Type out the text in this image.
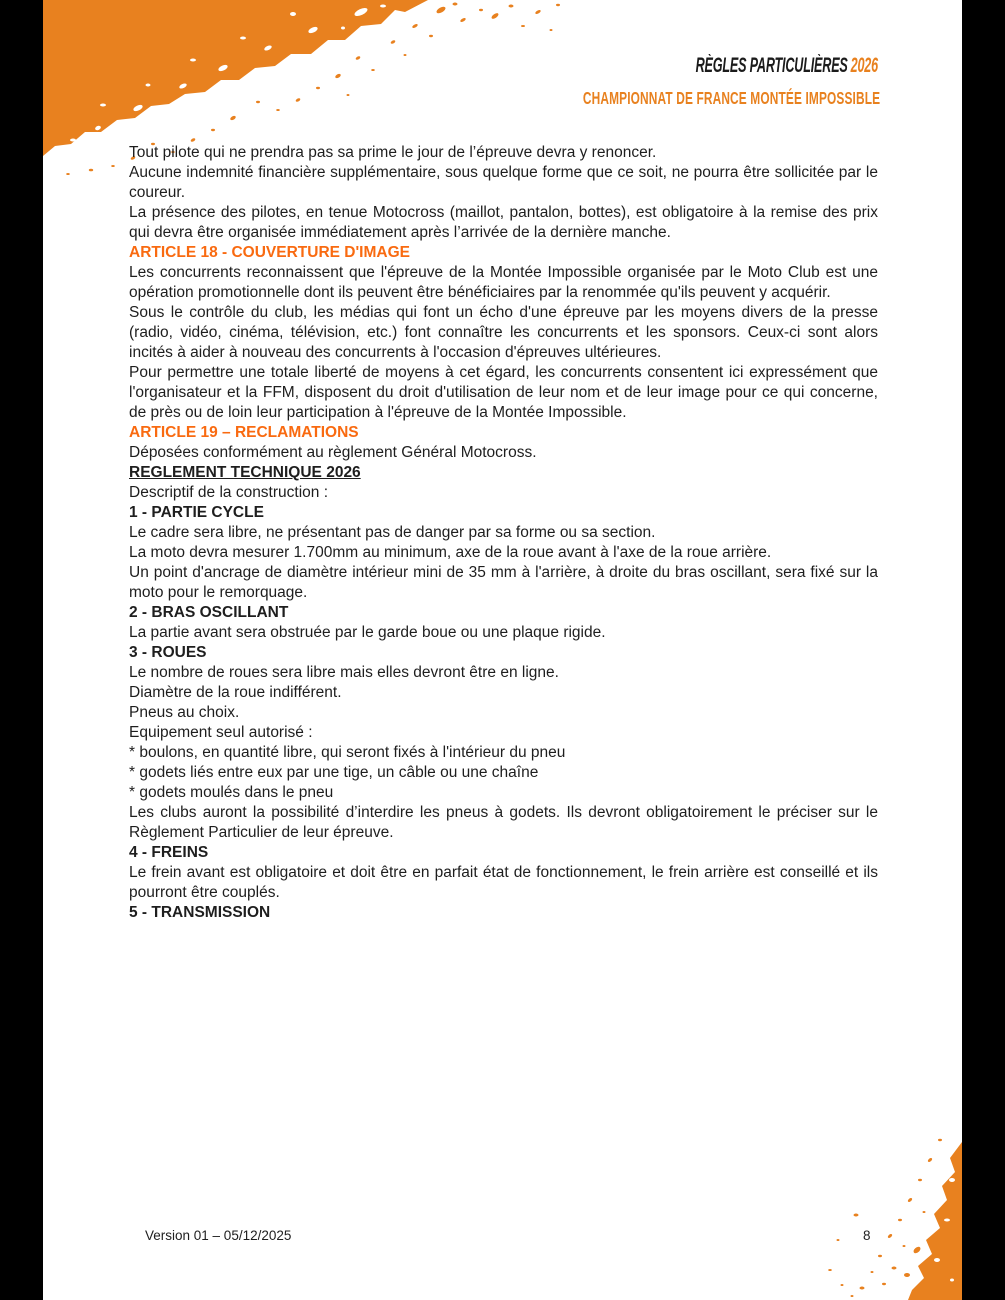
RÈGLES PARTICULIÈRES 2026
CHAMPIONNAT DE FRANCE MONTÉE IMPOSSIBLE

Tout pilote qui ne prendra pas sa prime le jour de l’épreuve devra y renoncer.

Aucune indemnité financière supplémentaire, sous quelque forme que ce soit, ne pourra être sollicitée par le coureur.

La présence des pilotes, en tenue Motocross (maillot, pantalon, bottes), est obligatoire à la remise des prix qui devra être organisée immédiatement après l’arrivée de la dernière manche.

ARTICLE 18 - COUVERTURE D'IMAGE

Les concurrents reconnaissent que l'épreuve de la Montée Impossible organisée par le Moto Club est une opération promotionnelle dont ils peuvent être bénéficiaires par la renommée qu'ils peuvent y acquérir.

Sous le contrôle du club, les médias qui font un écho d'une épreuve par les moyens divers de la presse (radio, vidéo, cinéma, télévision, etc.) font connaître les concurrents et les sponsors. Ceux-ci sont alors incités à aider à nouveau des concurrents à l'occasion d'épreuves ultérieures.

Pour permettre une totale liberté de moyens à cet égard, les concurrents consentent ici expressément que l'organisateur et la FFM, disposent du droit d'utilisation de leur nom et de leur image pour ce qui concerne, de près ou de loin leur participation à l'épreuve de la Montée Impossible.

ARTICLE 19 – RECLAMATIONS

Déposées conformément au règlement Général Motocross.

REGLEMENT TECHNIQUE 2026

Descriptif de la construction :

1 - PARTIE CYCLE

Le cadre sera libre, ne présentant pas de danger par sa forme ou sa section.

La moto devra mesurer 1.700mm au minimum, axe de la roue avant à l'axe de la roue arrière.

Un point d'ancrage de diamètre intérieur mini de 35 mm à l'arrière, à droite du bras oscillant, sera fixé sur la moto pour le remorquage.

2 - BRAS OSCILLANT

La partie avant sera obstruée par le garde boue ou une plaque rigide.

3 - ROUES

Le nombre de roues sera libre mais elles devront être en ligne.

Diamètre de la roue indifférent.

Pneus au choix.

Equipement seul autorisé :

* boulons, en quantité libre, qui seront fixés à l'intérieur du pneu

* godets liés entre eux par une tige, un câble ou une chaîne

* godets moulés dans le pneu

Les clubs auront la possibilité d’interdire les pneus à godets. Ils devront obligatoirement le préciser sur le Règlement Particulier de leur épreuve.

4 - FREINS

Le frein avant est obligatoire et doit être en parfait état de fonctionnement, le frein arrière est conseillé et ils pourront être couplés.

5 - TRANSMISSION

Version 01 – 05/12/2025	8
